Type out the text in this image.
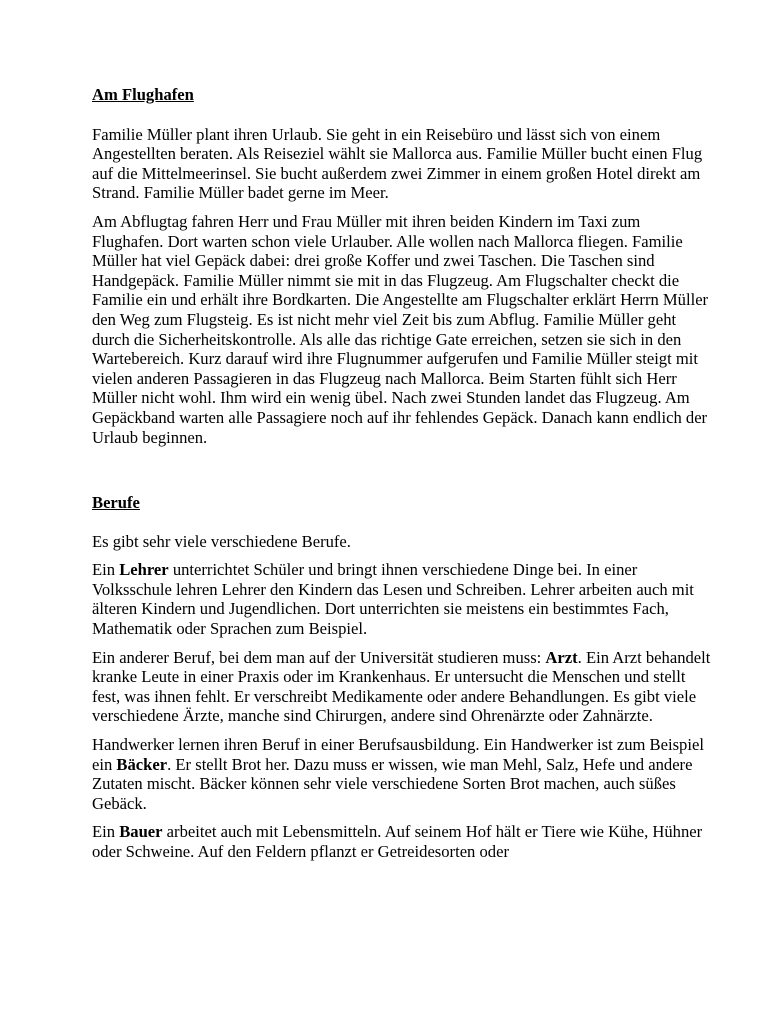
Am Flughafen

Familie Müller plant ihren Urlaub. Sie geht in ein Reisebüro und lässt sich von einem Angestellten beraten. Als Reiseziel wählt sie Mallorca aus. Familie Müller bucht einen Flug auf die Mittelmeerinsel. Sie bucht außerdem zwei Zimmer in einem großen Hotel direkt am Strand. Familie Müller badet gerne im Meer.

Am Abflugtag fahren Herr und Frau Müller mit ihren beiden Kindern im Taxi zum Flughafen. Dort warten schon viele Urlauber. Alle wollen nach Mallorca fliegen. Familie Müller hat viel Gepäck dabei: drei große Koffer und zwei Taschen. Die Taschen sind Handgepäck. Familie Müller nimmt sie mit in das Flugzeug. Am Flugschalter checkt die Familie ein und erhält ihre Bordkarten. Die Angestellte am Flugschalter erklärt Herrn Müller den Weg zum Flugsteig. Es ist nicht mehr viel Zeit bis zum Abflug. Familie Müller geht durch die Sicherheitskontrolle. Als alle das richtige Gate erreichen, setzen sie sich in den Wartebereich. Kurz darauf wird ihre Flugnummer aufgerufen und Familie Müller steigt mit vielen anderen Passagieren in das Flugzeug nach Mallorca. Beim Starten fühlt sich Herr Müller nicht wohl. Ihm wird ein wenig übel. Nach zwei Stunden landet das Flugzeug. Am Gepäckband warten alle Passagiere noch auf ihr fehlendes Gepäck. Danach kann endlich der Urlaub beginnen.

Berufe

Es gibt sehr viele verschiedene Berufe.

Ein Lehrer unterrichtet Schüler und bringt ihnen verschiedene Dinge bei. In einer Volksschule lehren Lehrer den Kindern das Lesen und Schreiben. Lehrer arbeiten auch mit älteren Kindern und Jugendlichen. Dort unterrichten sie meistens ein bestimmtes Fach, Mathematik oder Sprachen zum Beispiel.

Ein anderer Beruf, bei dem man auf der Universität studieren muss: Arzt. Ein Arzt behandelt kranke Leute in einer Praxis oder im Krankenhaus. Er untersucht die Menschen und stellt fest, was ihnen fehlt. Er verschreibt Medikamente oder andere Behandlungen. Es gibt viele verschiedene Ärzte, manche sind Chirurgen, andere sind Ohrenärzte oder Zahnärzte.

Handwerker lernen ihren Beruf in einer Berufsausbildung. Ein Handwerker ist zum Beispiel ein Bäcker. Er stellt Brot her. Dazu muss er wissen, wie man Mehl, Salz, Hefe und andere Zutaten mischt. Bäcker können sehr viele verschiedene Sorten Brot machen, auch süßes Gebäck.

Ein Bauer arbeitet auch mit Lebensmitteln. Auf seinem Hof hält er Tiere wie Kühe, Hühner oder Schweine. Auf den Feldern pflanzt er Getreidesorten oder
